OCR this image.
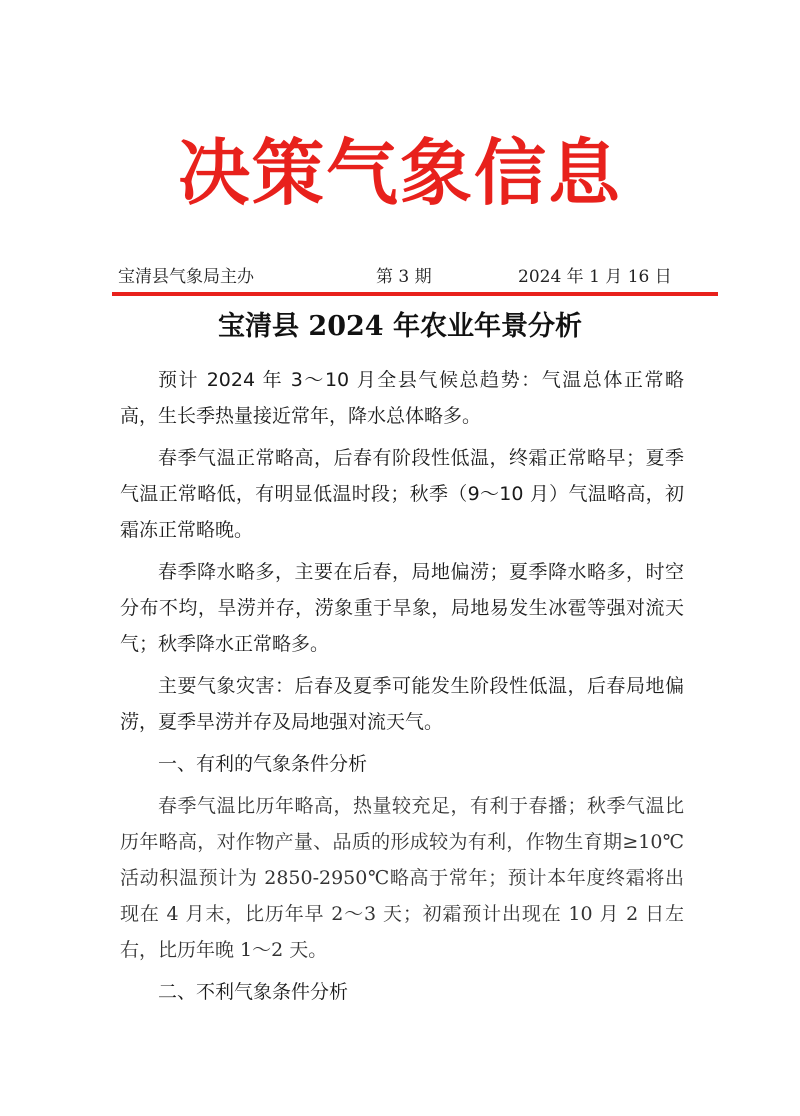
决策气象信息
宝清县气象局主办	第 3 期	2024 年 1 月 16 日
宝清县 2024 年农业年景分析

预计 2024 年 3～10 月全县气候总趋势：气温总体正常略高，生长季热量接近常年，降水总体略多。

春季气温正常略高，后春有阶段性低温，终霜正常略早；夏季气温正常略低，有明显低温时段；秋季（9～10 月）气温略高，初霜冻正常略晚。

春季降水略多，主要在后春，局地偏涝；夏季降水略多，时空分布不均，旱涝并存，涝象重于旱象，局地易发生冰雹等强对流天气；秋季降水正常略多。

主要气象灾害：后春及夏季可能发生阶段性低温，后春局地偏涝，夏季旱涝并存及局地强对流天气。

一、有利的气象条件分析

春季气温比历年略高，热量较充足，有利于春播；秋季气温比历年略高，对作物产量、品质的形成较为有利，作物生育期≥10℃活动积温预计为 2850-2950℃略高于常年；预计本年度终霜将出现在 4 月末，比历年早 2～3 天；初霜预计出现在 10 月 2 日左右，比历年晚 1～2 天。

二、不利气象条件分析
